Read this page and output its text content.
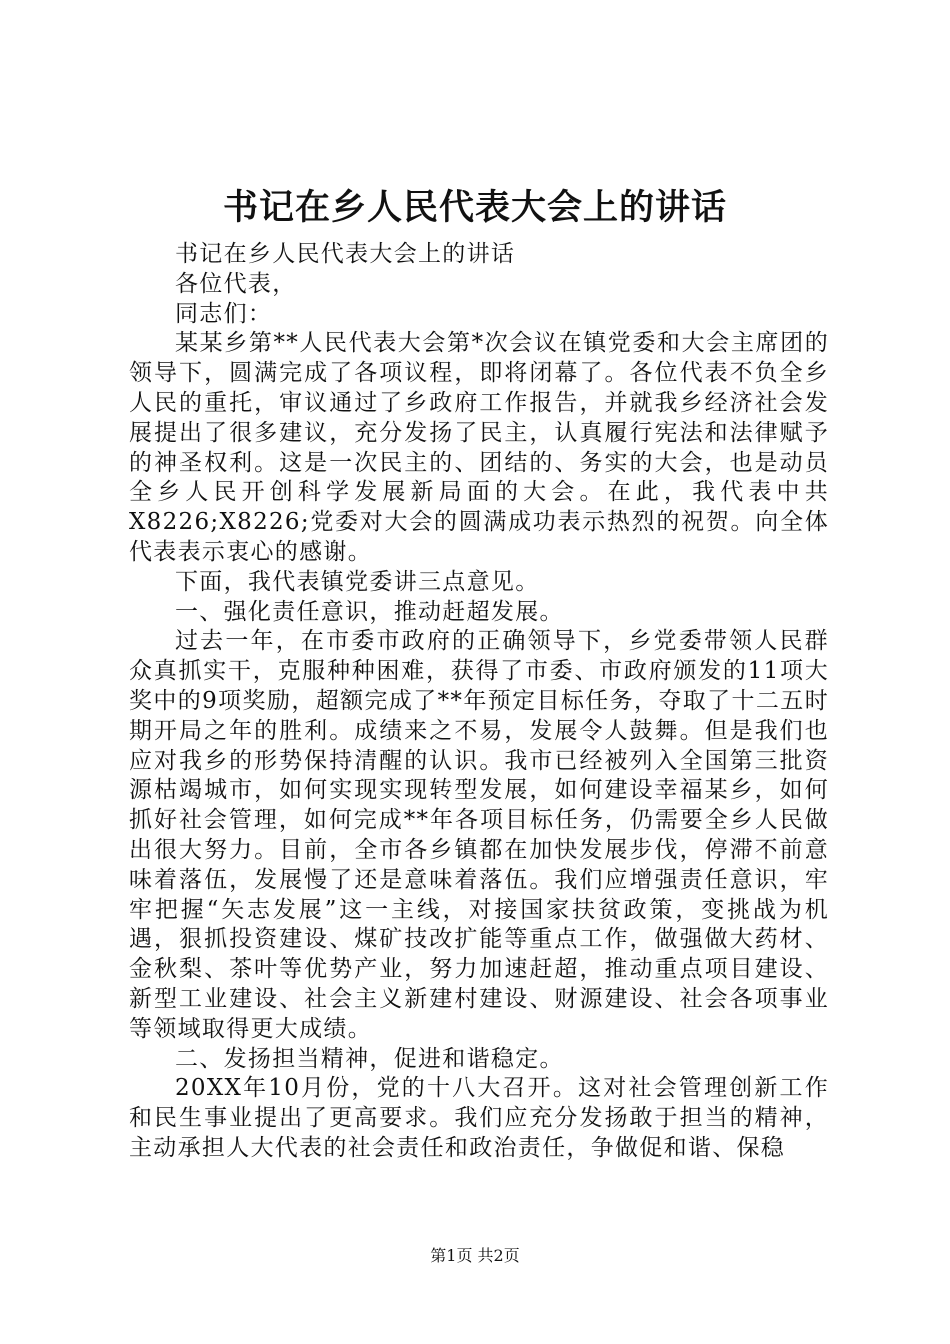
书记在乡人民代表大会上的讲话

书记在乡人民代表大会上的讲话

各位代表，

同志们：

某某乡第**人民代表大会第*次会议在镇党委和大会主席团的领导下，圆满完成了各项议程，即将闭幕了。各位代表不负全乡人民的重托，审议通过了乡政府工作报告，并就我乡经济社会发展提出了很多建议，充分发扬了民主，认真履行宪法和法律赋予的神圣权利。这是一次民主的、团结的、务实的大会，也是动员全乡人民开创科学发展新局面的大会。在此，我代表中共X8226;X8226;党委对大会的圆满成功表示热烈的祝贺。向全体代表表示衷心的感谢。

下面，我代表镇党委讲三点意见。

一、强化责任意识，推动赶超发展。

过去一年，在市委市政府的正确领导下，乡党委带领人民群众真抓实干，克服种种困难，获得了市委、市政府颁发的11项大奖中的9项奖励，超额完成了**年预定目标任务，夺取了十二五时期开局之年的胜利。成绩来之不易，发展令人鼓舞。但是我们也应对我乡的形势保持清醒的认识。我市已经被列入全国第三批资源枯竭城市，如何实现实现转型发展，如何建设幸福某乡，如何抓好社会管理，如何完成**年各项目标任务，仍需要全乡人民做出很大努力。目前，全市各乡镇都在加快发展步伐，停滞不前意味着落伍，发展慢了还是意味着落伍。我们应增强责任意识，牢牢把握“矢志发展”这一主线，对接国家扶贫政策，变挑战为机遇，狠抓投资建设、煤矿技改扩能等重点工作，做强做大药材、金秋梨、茶叶等优势产业，努力加速赶超，推动重点项目建设、新型工业建设、社会主义新建村建设、财源建设、社会各项事业等领域取得更大成绩。

二、发扬担当精神，促进和谐稳定。

20XX年10月份，党的十八大召开。这对社会管理创新工作和民生事业提出了更高要求。我们应充分发扬敢于担当的精神，主动承担人大代表的社会责任和政治责任，争做促和谐、保稳

第1页 共2页
